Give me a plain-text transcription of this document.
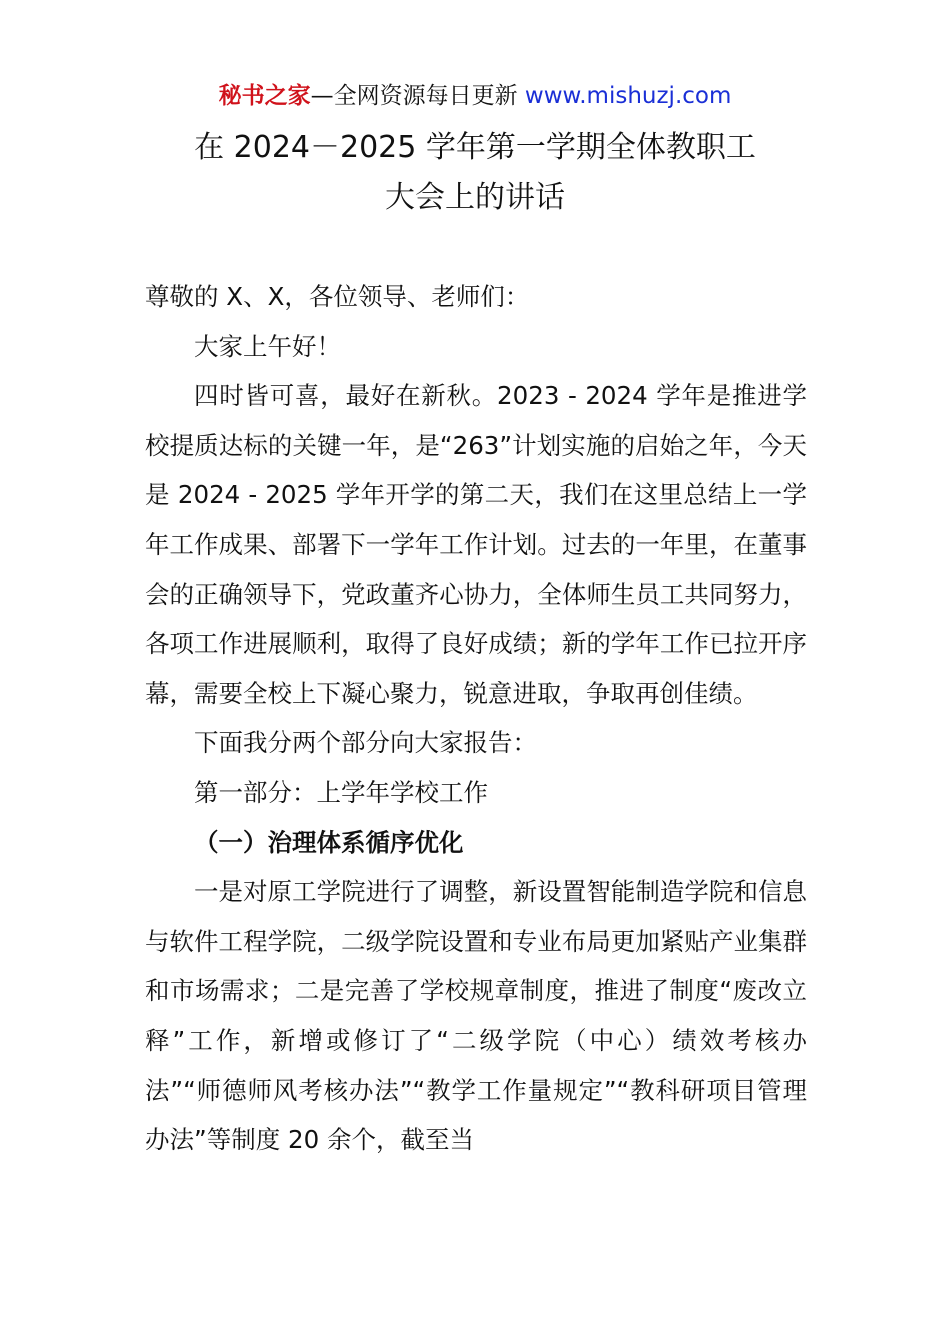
秘书之家—全网资源每日更新 www.mishuzj.com
在 2024－2025 学年第一学期全体教职工
大会上的讲话

尊敬的 X、X，各位领导、老师们：

大家上午好！

四时皆可喜，最好在新秋。2023 - 2024 学年是推进学校提质达标的关键一年，是“263”计划实施的启始之年，今天是 2024 - 2025 学年开学的第二天，我们在这里总结上一学年工作成果、部署下一学年工作计划。过去的一年里，在董事会的正确领导下，党政董齐心协力，全体师生员工共同努力，各项工作进展顺利，取得了良好成绩；新的学年工作已拉开序幕，需要全校上下凝心聚力，锐意进取，争取再创佳绩。

下面我分两个部分向大家报告：

第一部分：上学年学校工作

（一）治理体系循序优化

一是对原工学院进行了调整，新设置智能制造学院和信息与软件工程学院，二级学院设置和专业布局更加紧贴产业集群和市场需求；二是完善了学校规章制度，推进了制度“废改立释”工作，新增或修订了“二级学院（中心）绩效考核办法”“师德师风考核办法”“教学工作量规定”“教科研项目管理办法”等制度 20 余个，截至当
